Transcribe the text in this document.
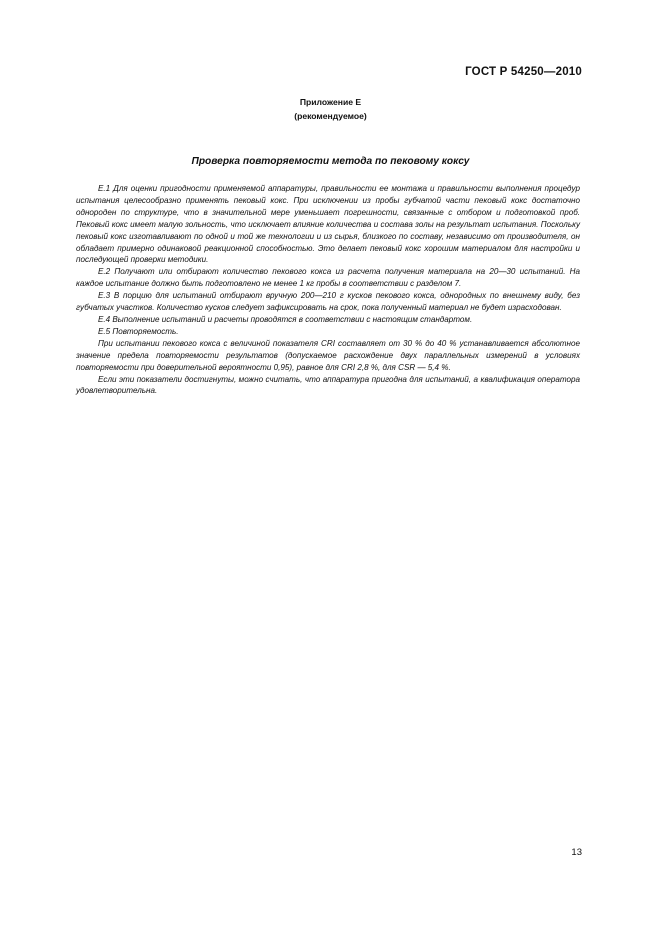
ГОСТ Р 54250—2010
Приложение Е
(рекомендуемое)
Проверка повторяемости метода по пековому коксу

Е.1 Для оценки пригодности применяемой аппаратуры, правильности ее монтажа и правильности выполнения процедур испытания целесообразно применять пековый кокс. При исключении из пробы губчатой части пековый кокс достаточно однороден по структуре, что в значительной мере уменьшает погрешности, связанные с отбором и подготовкой проб. Пековый кокс имеет малую зольность, что исключает влияние количества и состава золы на результат испытания. Поскольку пековый кокс изготавливают по одной и той же технологии и из сырья, близкого по составу, независимо от производителя, он обладает примерно одинаковой реакционной способностью. Это делает пековый кокс хорошим материалом для настройки и последующей проверки методики.

Е.2 Получают или отбирают количество пекового кокса из расчета получения материала на 20—30 испытаний. На каждое испытание должно быть подготовлено не менее 1 кг пробы в соответствии с разделом 7.

Е.3 В порцию для испытаний отбирают вручную 200—210 г кусков пекового кокса, однородных по внешнему виду, без губчатых участков. Количество кусков следует зафиксировать на срок, пока полученный материал не будет израсходован.

Е.4 Выполнение испытаний и расчеты проводятся в соответствии с настоящим стандартом.

Е.5 Повторяемость.

При испытании пекового кокса с величиной показателя CRI составляет от 30 % до 40 % устанавливается абсолютное значение предела повторяемости результатов (допускаемое расхождение двух параллельных измерений в условиях повторяемости при доверительной вероятности 0,95), равное для CRI 2,8 %, для CSR — 5,4 %.

Если эти показатели достигнуты, можно считать, что аппаратура пригодна для испытаний, а квалификация оператора удовлетворительна.

13
